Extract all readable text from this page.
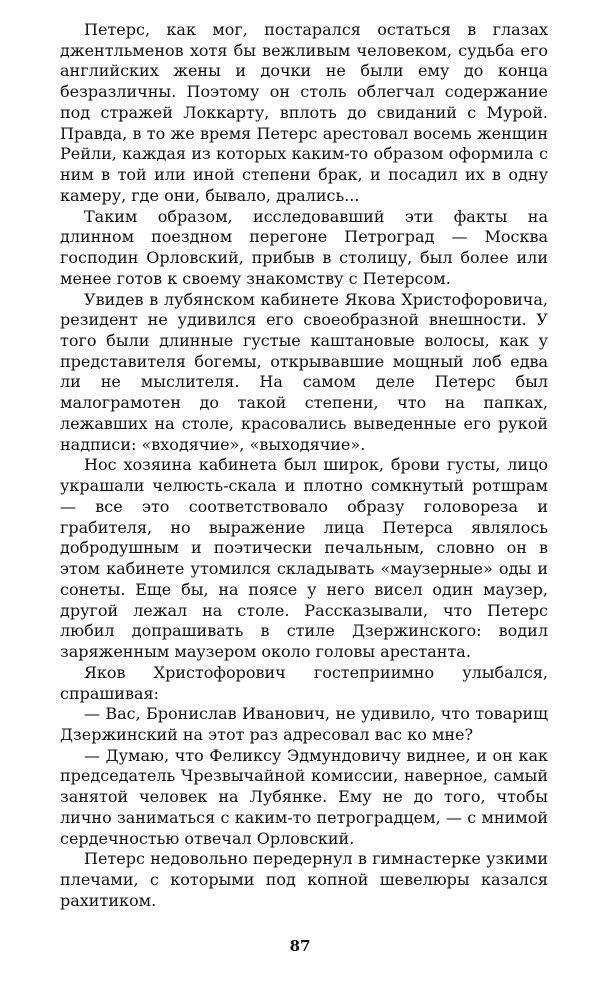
Петерс, как мог, постарался остаться в глазах джентльменов хотя бы вежливым человеком, судьба его английских жены и дочки не были ему до конца безразличны. Поэтому он столь облегчал содержание под стражей Локкарту, вплоть до свиданий с Мурой. Правда, в то же время Петерс арестовал восемь женщин Рейли, каждая из которых каким-то образом оформила с ним в той или иной степени брак, и посадил их в одну камеру, где они, бывало, дрались...

Таким образом, исследовавший эти факты на длинном поездном перегоне Петроград — Москва господин Орловский, прибыв в столицу, был более или менее готов к своему знакомству с Петерсом.

Увидев в лубянском кабинете Якова Христофоровича, резидент не удивился его своеобразной внешности. У того были длинные густые каштановые волосы, как у представителя богемы, открывавшие мощный лоб едва ли не мыслителя. На самом деле Петерс был малограмотен до такой степени, что на папках, лежавших на столе, красовались выведенные его рукой надписи: «входячие», «выходячие».

Нос хозяина кабинета был широк, брови густы, лицо украшали челюсть-скала и плотно сомкнутый ротшрам — все это соответствовало образу головореза и грабителя, но выражение лица Петерса являлось добродушным и поэтически печальным, словно он в этом кабинете утомился складывать «маузерные» оды и сонеты. Еще бы, на поясе у него висел один маузер, другой лежал на столе. Рассказывали, что Петерс любил допрашивать в стиле Дзержинского: водил заряженным маузером около головы арестанта.

Яков Христофорович гостеприимно улыбался, спрашивая:

— Вас, Бронислав Иванович, не удивило, что товарищ Дзержинский на этот раз адресовал вас ко мне?

— Думаю, что Феликсу Эдмундовичу виднее, и он как председатель Чрезвычайной комиссии, наверное, самый занятой человек на Лубянке. Ему не до того, чтобы лично заниматься с каким-то петроградцем, — с мнимой сердечностью отвечал Орловский.

Петерс недовольно передернул в гимнастерке узкими плечами, с которыми под копной шевелюры казался рахитиком.

87
